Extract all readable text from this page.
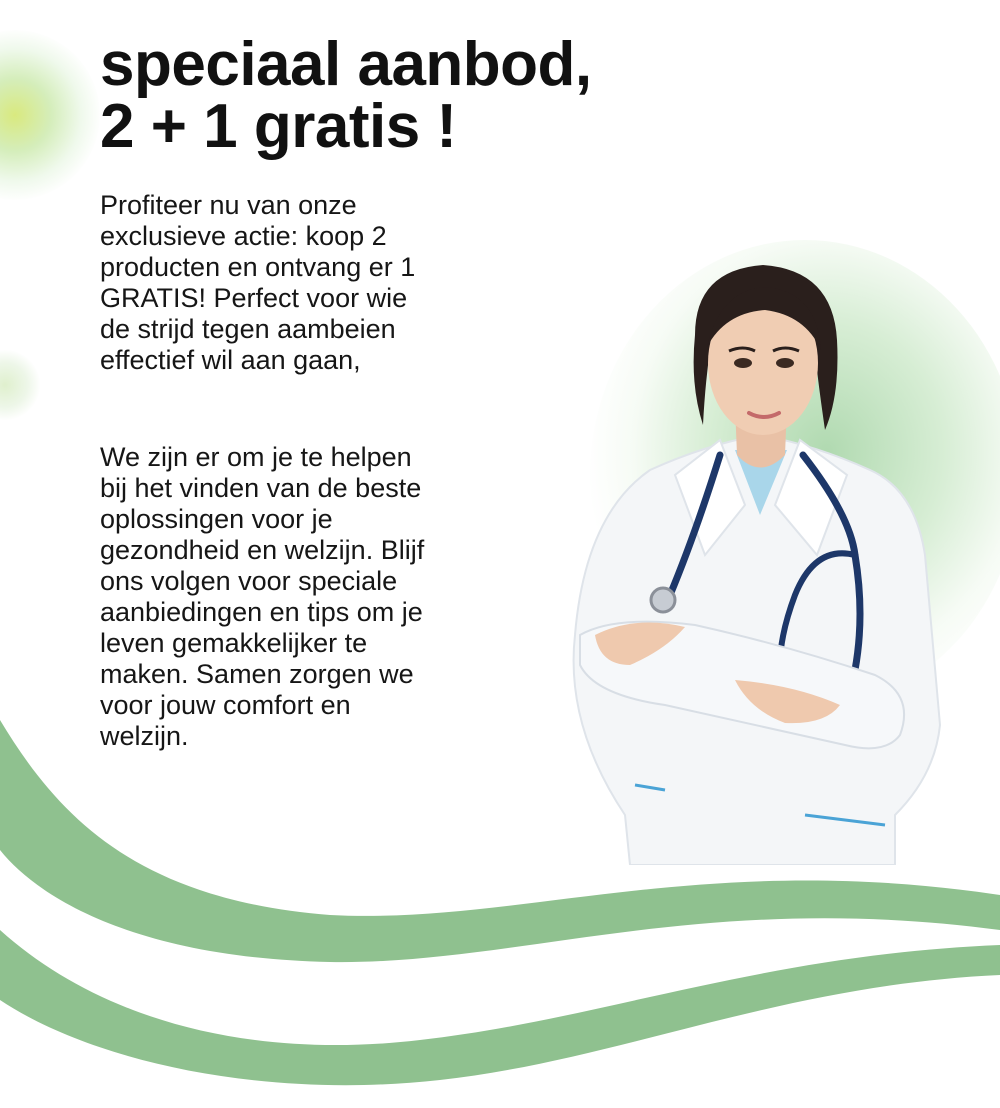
speciaal aanbod,
2 + 1 gratis !

Profiteer nu van onze
exclusieve actie: koop 2
producten en ontvang er 1
GRATIS! Perfect voor wie
de strijd tegen aambeien
effectief wil aan gaan,

We zijn er om je te helpen
bij het vinden van de beste
oplossingen voor je
gezondheid en welzijn. Blijf
ons volgen voor speciale
aanbiedingen en tips om je
leven gemakkelijker te
maken. Samen zorgen we
voor jouw comfort en
welzijn.
